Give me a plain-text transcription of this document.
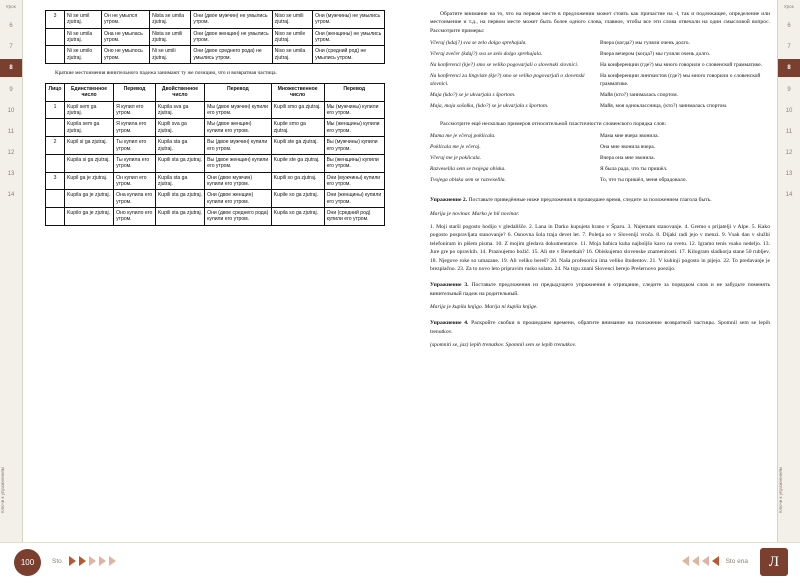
Урок
6
7
8
9
10
11
12
13
14
Ключи к упражнениям
Урок
6
7
8
9
10
11
12
13
14
Ключи к упражнениям
3	Ni se umil zjutraj.	Он не умылся утром.	Nista se umila zjutraj.	Они (двое мужчин) не умылись утром.	Niso se umili zjutraj.	Они (мужчины) не умылись утром.
	Ni se umila zjutraj.	Она не умылась утром.	Nista se umili zjutraj.	Они (двое женщин) не умылись утром.	Niso se umile zjutraj.	Они (женщины) не умылись утром.
	Ni se umilo zjutraj.	Оно не умылось утром.	Ni se umili zjutraj.	Они (двое среднего рода) не умылись утром.	Niso se umila zjutraj.	Они (средний род) не умылись утром.
Краткие местоимения винительного падежа занимают ту же позицию, что и возвратная частица.
Лицо	Единственное число	Перевод	Двойственное число	Перевод	Множественное число	Перевод
1	Kupil sem ga zjutraj.	Я купил его утром.	Kupila sva ga zjutraj.	Мы (двое мужчин) купили его утром.	Kupili smo ga zjutraj.	Мы (мужчины) купили его утром.
	Kupila sem ga zjutraj.	Я купила его утром.	Kupili sva ga zjutraj.	Мы (двое женщин) купили его утром.	Kupile smo ga zjutraj.	Мы (женщины) купили его утром.
2	Kupil si ga zjutraj.	Ты купил его утром.	Kupila sta ga zjutraj.	Вы (двое мужчин) купили его утром.	Kupili ste ga zjutraj.	Вы (мужчины) купили его утром.
	Kupila si ga zjutraj.	Ты купила его утром.	Kupili sta ga zjutraj.	Вы (двое женщин) купили его утром.	Kupile ste ga zjutraj.	Вы (женщины) купили его утром.
3	Kupil ga je zjutraj.	Он купил его утром.	Kupila sta ga zjutraj.	Они (двое мужчин) купили его утром.	Kupili so ga zjutraj.	Они (мужчины) купили его утром.
	Kupila ga je zjutraj.	Она купила его утром.	Kupili sta ga zjutraj.	Они (двое женщин) купили его утром.	Kupile so ga zjutraj.	Они (женщины) купили его утром.
	Kupilo ga je zjutraj.	Оно купило его утром.	Kupili sta ga zjutraj.	Они (двое среднего рода) купили его утром.	Kupila so ga zjutraj.	Они (средний род) купили его утром.

Обратите внимание на то, что на первом месте в предложении может стоять как причастие на -l, так и подлежащее, определение или местоимение и т.д., на первом месте может быть более одного слова, главное, чтобы все эти слова отвечали на один смысловой вопрос. Рассмотрите примеры:

Včeraj (kdaj?) sva se zelo dolgo sprehajala.	Вчера (когда?) мы гуляли очень долго.
Včeraj zvečer (kdaj?) sva se zelo dolgo sprehajala.	Вчера вечером (когда?) мы гуляли очень долго.
Na konferenci (kje?) smo se veliko pogovarjali o slovenski slovnici.	На конференции (где?) мы много говорили о словенской грамматике.
Na konferenci za lingviste (kje?) smo se veliko pogovarjali o slovenski slovnici.	На конференции лингвистов (где?) мы много говорили о словенской грамматике.
Maja (kdo?) se je ukvarjala s športom.	Майя (кто?) занималась спортом.
Maja, moja sošolka, (kdo?) se je ukvarjala s športom.	Майя, моя одноклассница, (кто?) занималась спортом.

Рассмотрите ещё несколько примеров относительной пластичности словенского порядка слов:

Mama me je včeraj poklicala.	Мама мне вчера звонила.
Poklicala me je včeraj.	Она мне звонила вчера.
Včeraj me je poklicala.	Вчера она мне звонила.
Razveselila sem se tvojega obiska.	Я была рада, что ты пришёл.
Tvojega obiska sem se razveselila.	То, что ты пришёл, меня обрадовало.

Упражнение 2. Поставьте приведённые ниже предложения в прошедшее время, следите за положением глагола быть.

Marija je novinar. Marko je bil novinar.

1. Moji starši pogosto hodijo v gledališče. 2. Lana in Darko kupujeta hrano v Šparu. 3. Najemam stanovanje. 4. Gremo s prijatelji v Alpe. 5. Kako pogosto pospravljata stanovanje? 6. Osnovna šola traja devet let. 7. Poletja so v Sloveniji vroča. 8. Dijaki radi jejo v menzi. 9. Vsak dan v službi telefoniram in pišem pisma. 10. Z mojim gledava dokumentarce. 11. Moja babica kuha najboljšo kavo na svetu. 12. Igramo tenis vsako nedeljo. 13. Jure gre po opravkih. 14. Praznujemo božič. 15. Ali ste v Benetkah? 16. Obiskujemo slovenske znamenitosti. 17. Kilogram sladkorja stane 50 rubljev. 18. Njegove roke so umazane. 19. Ali veliko bereš? 20. Naša profesorica ima veliko študentov. 21. V kuhinji pogosto in pijejo. 22. To predavanje je brezplačno. 23. Za to novo leto pripravim rusko solato. 24. Na trgu znani Slovenci berejo Prešernovo poezijo.

Упражнение 3. Поставьте предложения из предыдущего упражнения в отрицание, следите за порядком слов и не забудьте поменять винительный падеж на родительный.

Marija je kupila knjigo. Marija ni kupila knjige.

Упражнение 4. Раскройте скобки в прошедшем времени, обратите внимание на положение возвратной частицы. Spomnil sem se lepih trenutkov.

(spomniti se, jaz) lepih trenutkov. Spomnil sem se lepih trenutkov.

100	Sto	Sto ena	Л
